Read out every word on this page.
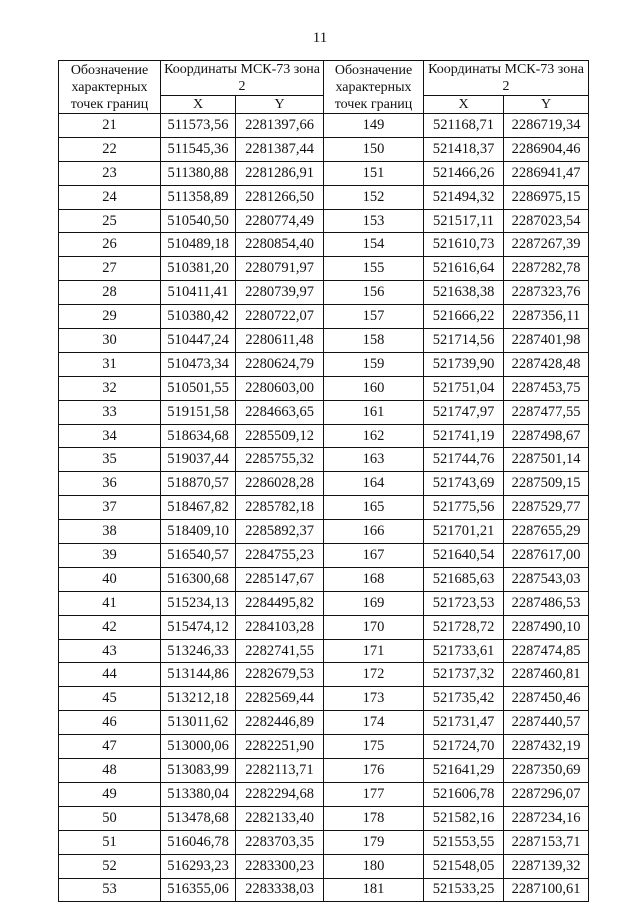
11
Обозначение характерных точек границ	Координаты МСК-73 зона 2		Обозначение характерных точек границ	Координаты МСК-73 зона 2	
	X	Y		X	Y
21	511573,56	2281397,66	149	521168,71	2286719,34
22	511545,36	2281387,44	150	521418,37	2286904,46
23	511380,88	2281286,91	151	521466,26	2286941,47
24	511358,89	2281266,50	152	521494,32	2286975,15
25	510540,50	2280774,49	153	521517,11	2287023,54
26	510489,18	2280854,40	154	521610,73	2287267,39
27	510381,20	2280791,97	155	521616,64	2287282,78
28	510411,41	2280739,97	156	521638,38	2287323,76
29	510380,42	2280722,07	157	521666,22	2287356,11
30	510447,24	2280611,48	158	521714,56	2287401,98
31	510473,34	2280624,79	159	521739,90	2287428,48
32	510501,55	2280603,00	160	521751,04	2287453,75
33	519151,58	2284663,65	161	521747,97	2287477,55
34	518634,68	2285509,12	162	521741,19	2287498,67
35	519037,44	2285755,32	163	521744,76	2287501,14
36	518870,57	2286028,28	164	521743,69	2287509,15
37	518467,82	2285782,18	165	521775,56	2287529,77
38	518409,10	2285892,37	166	521701,21	2287655,29
39	516540,57	2284755,23	167	521640,54	2287617,00
40	516300,68	2285147,67	168	521685,63	2287543,03
41	515234,13	2284495,82	169	521723,53	2287486,53
42	515474,12	2284103,28	170	521728,72	2287490,10
43	513246,33	2282741,55	171	521733,61	2287474,85
44	513144,86	2282679,53	172	521737,32	2287460,81
45	513212,18	2282569,44	173	521735,42	2287450,46
46	513011,62	2282446,89	174	521731,47	2287440,57
47	513000,06	2282251,90	175	521724,70	2287432,19
48	513083,99	2282113,71	176	521641,29	2287350,69
49	513380,04	2282294,68	177	521606,78	2287296,07
50	513478,68	2282133,40	178	521582,16	2287234,16
51	516046,78	2283703,35	179	521553,55	2287153,71
52	516293,23	2283300,23	180	521548,05	2287139,32
53	516355,06	2283338,03	181	521533,25	2287100,61
